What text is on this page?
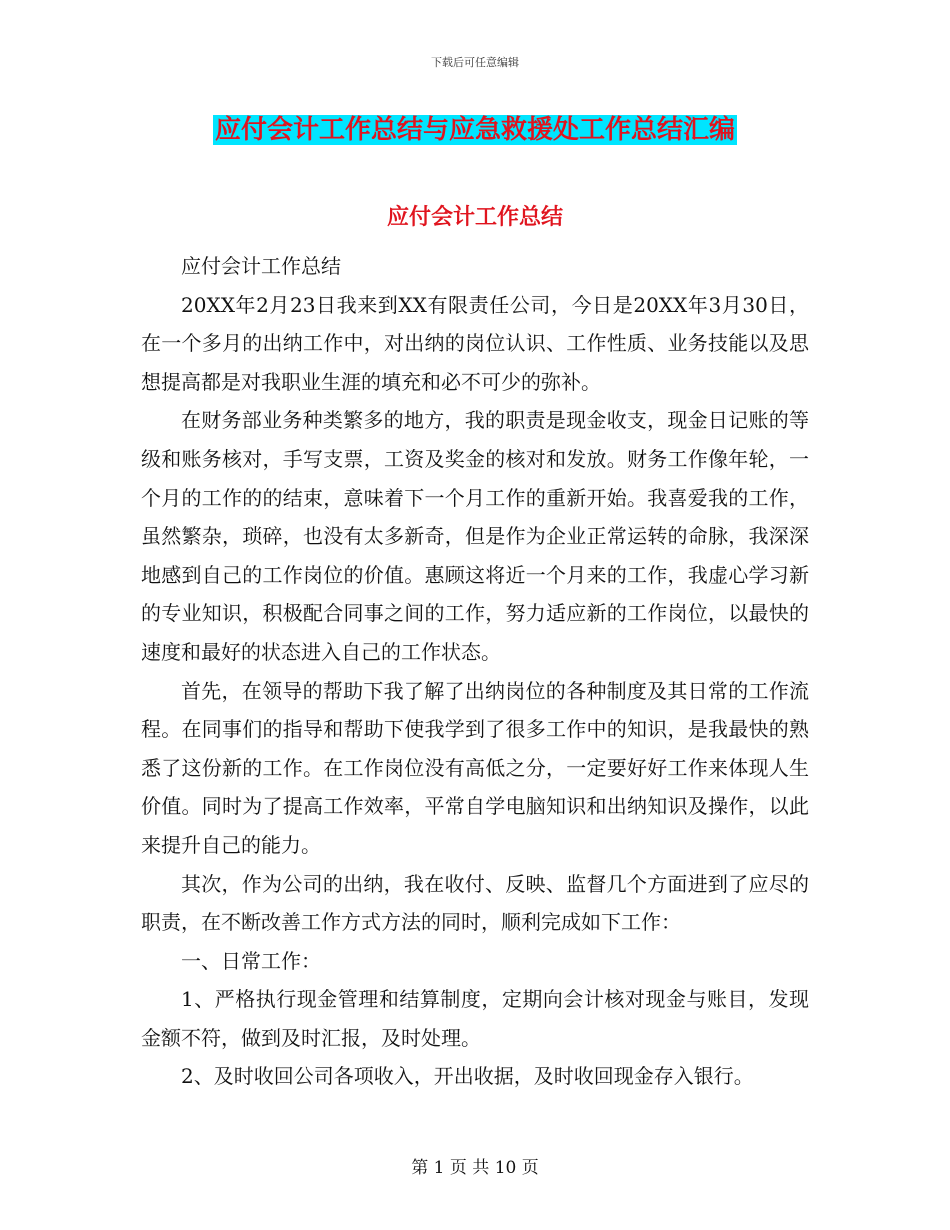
下载后可任意编辑
应付会计工作总结与应急救援处工作总结汇编
应付会计工作总结

应付会计工作总结

20XX年2月23日我来到XX有限责任公司，今日是20XX年3月30日，在一个多月的出纳工作中，对出纳的岗位认识、工作性质、业务技能以及思想提高都是对我职业生涯的填充和必不可少的弥补。

在财务部业务种类繁多的地方，我的职责是现金收支，现金日记账的等级和账务核对，手写支票，工资及奖金的核对和发放。财务工作像年轮，一个月的工作的的结束，意味着下一个月工作的重新开始。我喜爱我的工作，虽然繁杂，琐碎，也没有太多新奇，但是作为企业正常运转的命脉，我深深地感到自己的工作岗位的价值。惠顾这将近一个月来的工作，我虚心学习新的专业知识，积极配合同事之间的工作，努力适应新的工作岗位，以最快的速度和最好的状态进入自己的工作状态。

首先，在领导的帮助下我了解了出纳岗位的各种制度及其日常的工作流程。在同事们的指导和帮助下使我学到了很多工作中的知识，是我最快的熟悉了这份新的工作。在工作岗位没有高低之分，一定要好好工作来体现人生价值。同时为了提高工作效率，平常自学电脑知识和出纳知识及操作，以此来提升自己的能力。

其次，作为公司的出纳，我在收付、反映、监督几个方面进到了应尽的职责，在不断改善工作方式方法的同时，顺利完成如下工作：

一、日常工作：

1、严格执行现金管理和结算制度，定期向会计核对现金与账目，发现金额不符，做到及时汇报，及时处理。

2、及时收回公司各项收入，开出收据，及时收回现金存入银行。

第 1 页 共 10 页
